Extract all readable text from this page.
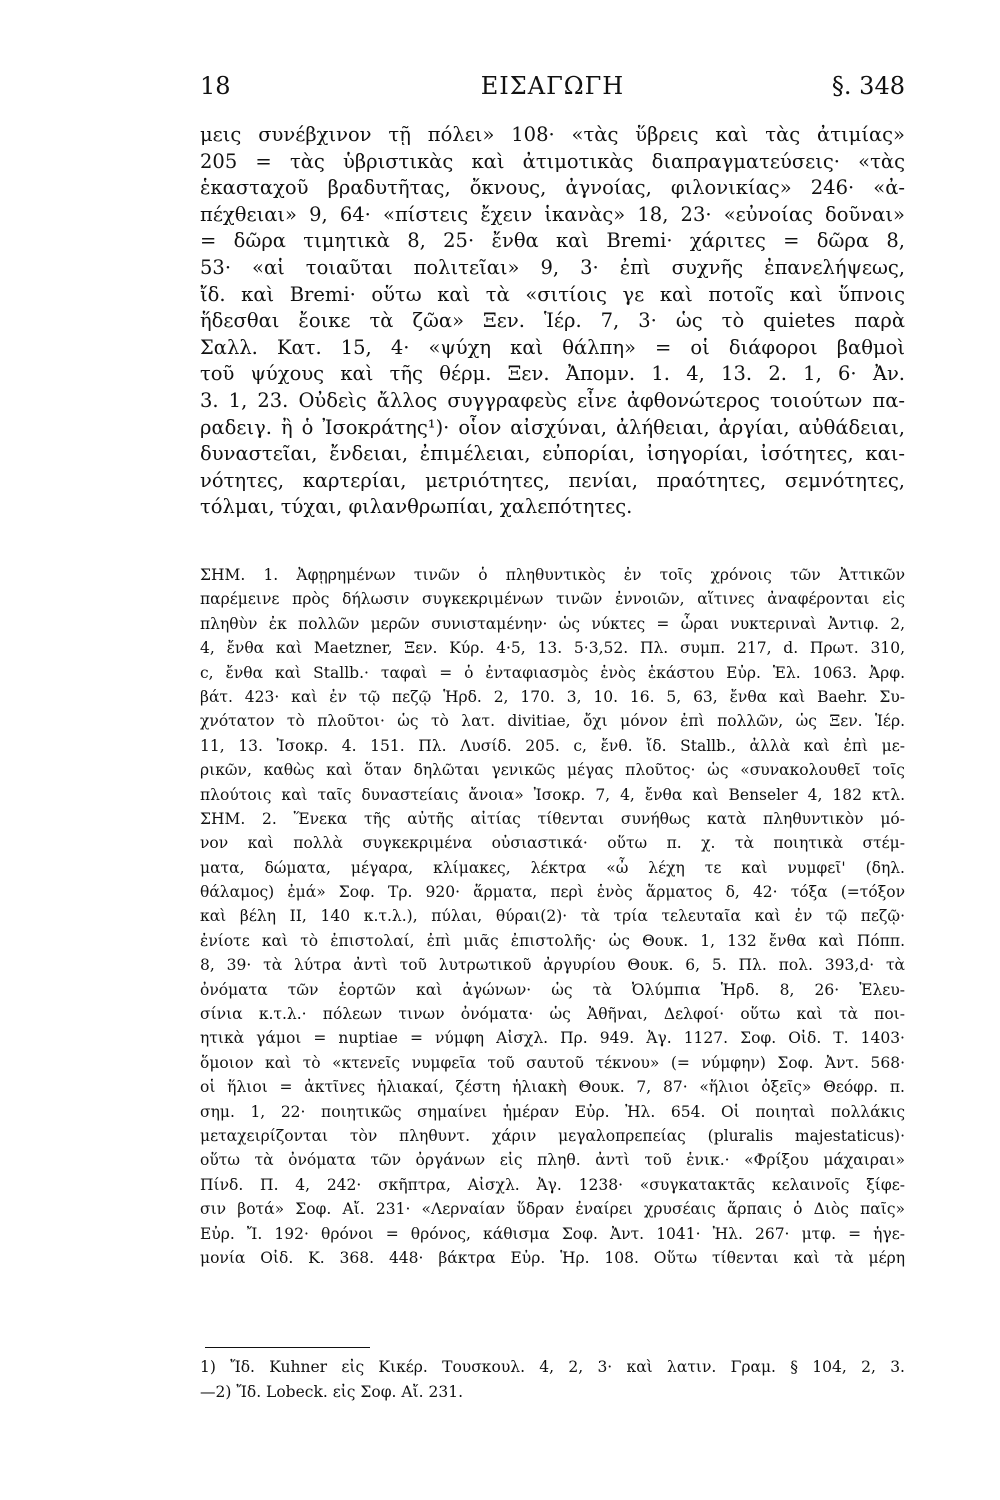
18	ΕΙΣΑΓΩΓΗ	§. 348
μεις συνέβχινον τῇ πόλει» 108· «τὰς ὕβρεις καὶ τὰς ἀτιμίας»
205 = τὰς ὑβριστικὰς καὶ ἀτιμοτικὰς διαπραγματεύσεις· «τὰς
ἑκασταχοῦ βραδυτῆτας, ὄκνους, ἀγνοίας, φιλονικίας» 246· «ἀ-
πέχθειαι» 9, 64· «πίστεις ἔχειν ἱκανὰς» 18, 23· «εὐνοίας δοῦναι»
= δῶρα τιμητικὰ 8, 25· ἔνθα καὶ Bremi· χάριτες = δῶρα 8,
53· «αἱ τοιαῦται πολιτεῖαι» 9, 3· ἐπὶ συχνῆς ἐπανελήψεως,
ἴδ. καὶ Bremi· οὕτω καὶ τὰ «σιτίοις γε καὶ ποτοῖς καὶ ὕπνοις
ἥδεσθαι ἔοικε τὰ ζῶα» Ξεν. Ἱέρ. 7, 3· ὡς τὸ quietes παρὰ
Σαλλ. Κατ. 15, 4· «ψύχη καὶ θάλπη» = οἱ διάφοροι βαθμοὶ
τοῦ ψύχους καὶ τῆς θέρμ. Ξεν. Ἀπομν. 1. 4, 13. 2. 1, 6· Ἀν.
3. 1, 23. Οὐδεὶς ἄλλος συγγραφεὺς εἶνε ἀφθονώτερος τοιούτων πα-
ραδειγ. ἢ ὁ Ἰσοκράτης¹)· οἷον αἰσχύναι, ἀλήθειαι, ἀργίαι, αὐθάδειαι,
δυναστεῖαι, ἔνδειαι, ἐπιμέλειαι, εὐπορίαι, ἰσηγορίαι, ἰσότητες, και-
νότητες, καρτερίαι, μετριότητες, πενίαι, πραότητες, σεμνότητες,
τόλμαι, τύχαι, φιλανθρωπίαι, χαλεπότητες.
ΣΗΜ. 1. Ἀφῃρημένων τινῶν ὁ πληθυντικὸς ἐν τοῖς χρόνοις τῶν Ἀττικῶν
παρέμεινε πρὸς δήλωσιν συγκεκριμένων τινῶν ἐννοιῶν, αἵτινες ἀναφέρονται εἰς
πληθὺν ἐκ πολλῶν μερῶν συνισταμένην· ὡς νύκτες = ὧραι νυκτεριναὶ Ἀντιφ. 2,
4, ἔνθα καὶ Maetzner, Ξεν. Κύρ. 4·5, 13. 5·3,52. Πλ. συμπ. 217, d. Πρωτ. 310,
c, ἔνθα καὶ Stallb.· ταφαὶ = ὁ ἐνταφιασμὸς ἑνὸς ἑκάστου Εὐρ. Ἑλ. 1063. Ἀρφ.
βάτ. 423· καὶ ἐν τῷ πεζῷ Ἡρδ. 2, 170. 3, 10. 16. 5, 63, ἔνθα καὶ Baehr. Συ-
χνότατον τὸ πλοῦτοι· ὡς τὸ λατ. divitiae, ὄχι μόνον ἐπὶ πολλῶν, ὡς Ξεν. Ἱέρ.
11, 13. Ἰσοκρ. 4. 151. Πλ. Λυσίδ. 205. c, ἔνθ. ἴδ. Stallb., ἀλλὰ καὶ ἐπὶ με-
ρικῶν, καθὼς καὶ ὅταν δηλῶται γενικῶς μέγας πλοῦτος· ὡς «συνακολουθεῖ τοῖς
πλούτοις καὶ ταῖς δυναστείαις ἄνοια» Ἰσοκρ. 7, 4, ἔνθα καὶ Benseler 4, 182 κτλ.
ΣΗΜ. 2. Ἕνεκα τῆς αὐτῆς αἰτίας τίθενται συνήθως κατὰ πληθυντικὸν μό-
νον καὶ πολλὰ συγκεκριμένα οὐσιαστικά· οὕτω π. χ. τὰ ποιητικὰ στέμ-
ματα, δώματα, μέγαρα, κλίμακες, λέκτρα «ὦ λέχη τε καὶ νυμφεῖ' (δηλ.
θάλαμος) ἐμά» Σοφ. Τρ. 920· ἅρματα, περὶ ἑνὸς ἅρματος δ, 42· τόξα (=τόξον
καὶ βέλη II, 140 κ.τ.λ.), πύλαι, θύραι(2)· τὰ τρία τελευταῖα καὶ ἐν τῷ πεζῷ·
ἐνίοτε καὶ τὸ ἐπιστολαί, ἐπὶ μιᾶς ἐπιστολῆς· ὡς Θουκ. 1, 132 ἔνθα καὶ Πόππ.
8, 39· τὰ λύτρα ἀντὶ τοῦ λυτρωτικοῦ ἀργυρίου Θουκ. 6, 5. Πλ. πολ. 393,d· τὰ
ὀνόματα τῶν ἑορτῶν καὶ ἀγώνων· ὡς τὰ Ὀλύμπια Ἡρδ. 8, 26· Ἐλευ-
σίνια κ.τ.λ.· πόλεων τινων ὀνόματα· ὡς Ἀθῆναι, Δελφοί· οὕτω καὶ τὰ ποι-
ητικὰ γάμοι = nuptiae = νύμφη Αἰσχλ. Πρ. 949. Ἀγ. 1127. Σοφ. Οἰδ. Τ. 1403·
ὅμοιον καὶ τὸ «κτενεῖς νυμφεῖα τοῦ σαυτοῦ τέκνου» (= νύμφην) Σοφ. Ἀντ. 568·
οἱ ἥλιοι = ἀκτῖνες ἡλιακαί, ζέστη ἡλιακὴ Θουκ. 7, 87· «ἥλιοι ὀξεῖς» Θεόφρ. π.
σημ. 1, 22· ποιητικῶς σημαίνει ἡμέραν Εὐρ. Ἠλ. 654. Οἱ ποιηταὶ πολλάκις
μεταχειρίζονται τὸν πληθυντ. χάριν μεγαλοπρεπείας (pluralis majestaticus)·
οὕτω τὰ ὀνόματα τῶν ὀργάνων εἰς πληθ. ἀντὶ τοῦ ἑνικ.· «Φρίξου μάχαιραι»
Πίνδ. Π. 4, 242· σκῆπτρα, Αἰσχλ. Ἀγ. 1238· «συγκατακτᾶς κελαινοῖς ξίφε-
σιν βοτά» Σοφ. Αἴ. 231· «Λερναίαν ὕδραν ἐναίρει χρυσέαις ἅρπαις ὁ Διὸς παῖς»
Εὐρ. Ἴ. 192· θρόνοι = θρόνος, κάθισμα Σοφ. Ἀντ. 1041· Ἠλ. 267· μτφ. = ἡγε-
μονία Οἰδ. Κ. 368. 448· βάκτρα Εὐρ. Ἡρ. 108. Οὕτω τίθενται καὶ τὰ μέρη
1) Ἴδ. Kuhner εἰς Κικέρ. Τουσκουλ. 4, 2, 3· καὶ λατιν. Γραμ. § 104, 2, 3.
—2) Ἴδ. Lobeck. εἰς Σοφ. Αἴ. 231.
